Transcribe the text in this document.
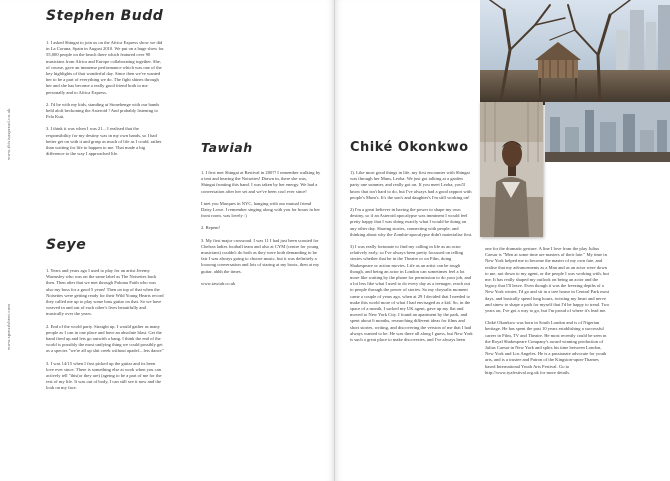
www.thisisaspread.co.uk
www.spreadsheet.com
Stephen Budd

1. I asked Shingai to join us on the Africa Express show we did in La Coruna, Spain in August 2010. We put on a huge show for 55,000 people on the beach there which featured over 90 musicians from Africa and Europe collaborating together. She, of course, gave an immense performance which was one of the key highlights of that wonderful day. Since then we've wanted her to be a part of everything we do. The fight shines through her and she has become a really good friend both to me personally and to Africa Express.

2. I'd be with my kids, standing at Stonehenge with our hands held aloft beckoning the Asteroid ! And probably listening to Fela Kuti.

3. I think it was when I was 21... I realised that the responsibility for my destiny was in my own hands, so I had better get on with it and grasp as much of life as I could, rather than waiting for life to happen to me. That made a big difference to the way I approached life.

Seye

1. Years and years ago I used to play for an artist Jeremy Warmsley who was on the same label as The Noisettes back then. Then after that we met through Paloma Faith who was also my boss for a good 5 years! Then on top of that when the Noisettes were getting ready for their Wild Young Hearts record they called me up to play some bass guitar on that. So we have weaved in and out of each other's lives beautifully and musically over the years.

2. End of the world party. Straight up. I would gather as many people as I can in one place and have an absolute blast. Get the band fired up and lets go outwith a bang. I think the end of the world is possibly the most unifying thing we could possibly get as a species "we're all up shit creek without apadel....lets dance"

3. I was 14/15 when I first picked up the guitar and its been love ever since. There is something else at work when you can actively tell "this(or they are) (ageing to be a part of me for the rest of my life. It was out of body, I can still see it now and the look on my face.

Tawiah

1. I first met Shingai at Bestival in 2007! I remember walking by a tent and hearing the Noisettes! Drawn in, there she was, Shingai fronting this band. I was taken by her energy. We had a conversation after her set and we've been cool ever since!

I met you Marques in NYC, hanging with our mutual friend Daisy Lowe. I remember singing along with you for hours in her front room. was lovely :)

2. Repent!

3. My first major crossroad. I was 11 I had just been scouted for Chelsea ladies football team and also at CYM (centre for young musicians) couldn't do both as they were both demanding to be fair I was always going to choose music, but it was definitely a loooong conversation and lots of staring at my boots, then at my guitar. ahhh the times.

www.tawiah.co.uk

Chiké Okonkwo

1). Like most good things in life, my first encounter with Shingai was through her Mum, Leoba. We just got talking at a garden party one summer, and really got on. If you meet Leoba, you'll know that isn't hard to do, but I've always had a good rapport with people's Mum's. It's the son's and daughter's I'm still working on!

2) I'm a great believer in having the power to shape my own destiny, so if an Asteroid apocalypse was imminent I would feel pretty happy that I was doing exactly what I would be doing on any other day. Sharing stories, connecting with people, and thinking about why the Zombie-apocalypse didn't materialise first.

3) I was really fortunate to find my calling in life as an actor relatively early, so I've always been pretty focussed on telling stories whether that be in the Theatre or on Film, doing Shakespeare or action movies. Life as an artist can be tough though, and being an actor in London can sometimes feel a lot more like waiting by the phone for permission to do your job, and a lot less like what I used to do every day as a teenager, reach out to people through the power of stories. So my chrysalis moment came a couple of years ago, when at 29 I decided that I needed to make this world more of what I had envisaged as a kid. So, in the space of a month, I sacked my UK agent, gave up my flat and moved to New York City. I found an apartment by the park, and spent about 6 months, researching different ideas for films and short stories, writing, and discovering the version of me that I had always wanted to be. He was there all along I guess, but New York is such a great place to make discoveries, and I've always been

one for the dramatic gesture. A line I love from the play Julius Caesar is "Men at some time are masters of their fate." My time in New York helped me to become the master of my own fate, and realise that my advancements as a Man and as an actor were down to me, not down to my agent, or the people I was working with, but me. It has really shaped my outlook on being an actor and the legacy that I'll leave. Even though it was the freezing depths of a New York winter, I'd go and sit in a tree house in Central Park most days, and basically spend long hours, twisting my heart and nerve and sinew to shape a path for myself that I'd be happy to tread. Two years on, I've got a way to go, but I'm proud of where it's lead me.

Chiké Okonkwo was born in South London and is of Nigerian heritage. He has spent the past 10 years establishing a successful career in Film, TV and Theatre. He most recently could be seen in the Royal Shakespeare Company's award winning production of Julius Caesar in New York and splits his time between London, New York and Los Angeles. He is a passionate advocate for youth arts, and is a trustee and Patron of the Kingston-upon-Thames based International Youth Arts Festival. Go to http://www.iyafestival.org.uk for more details.
